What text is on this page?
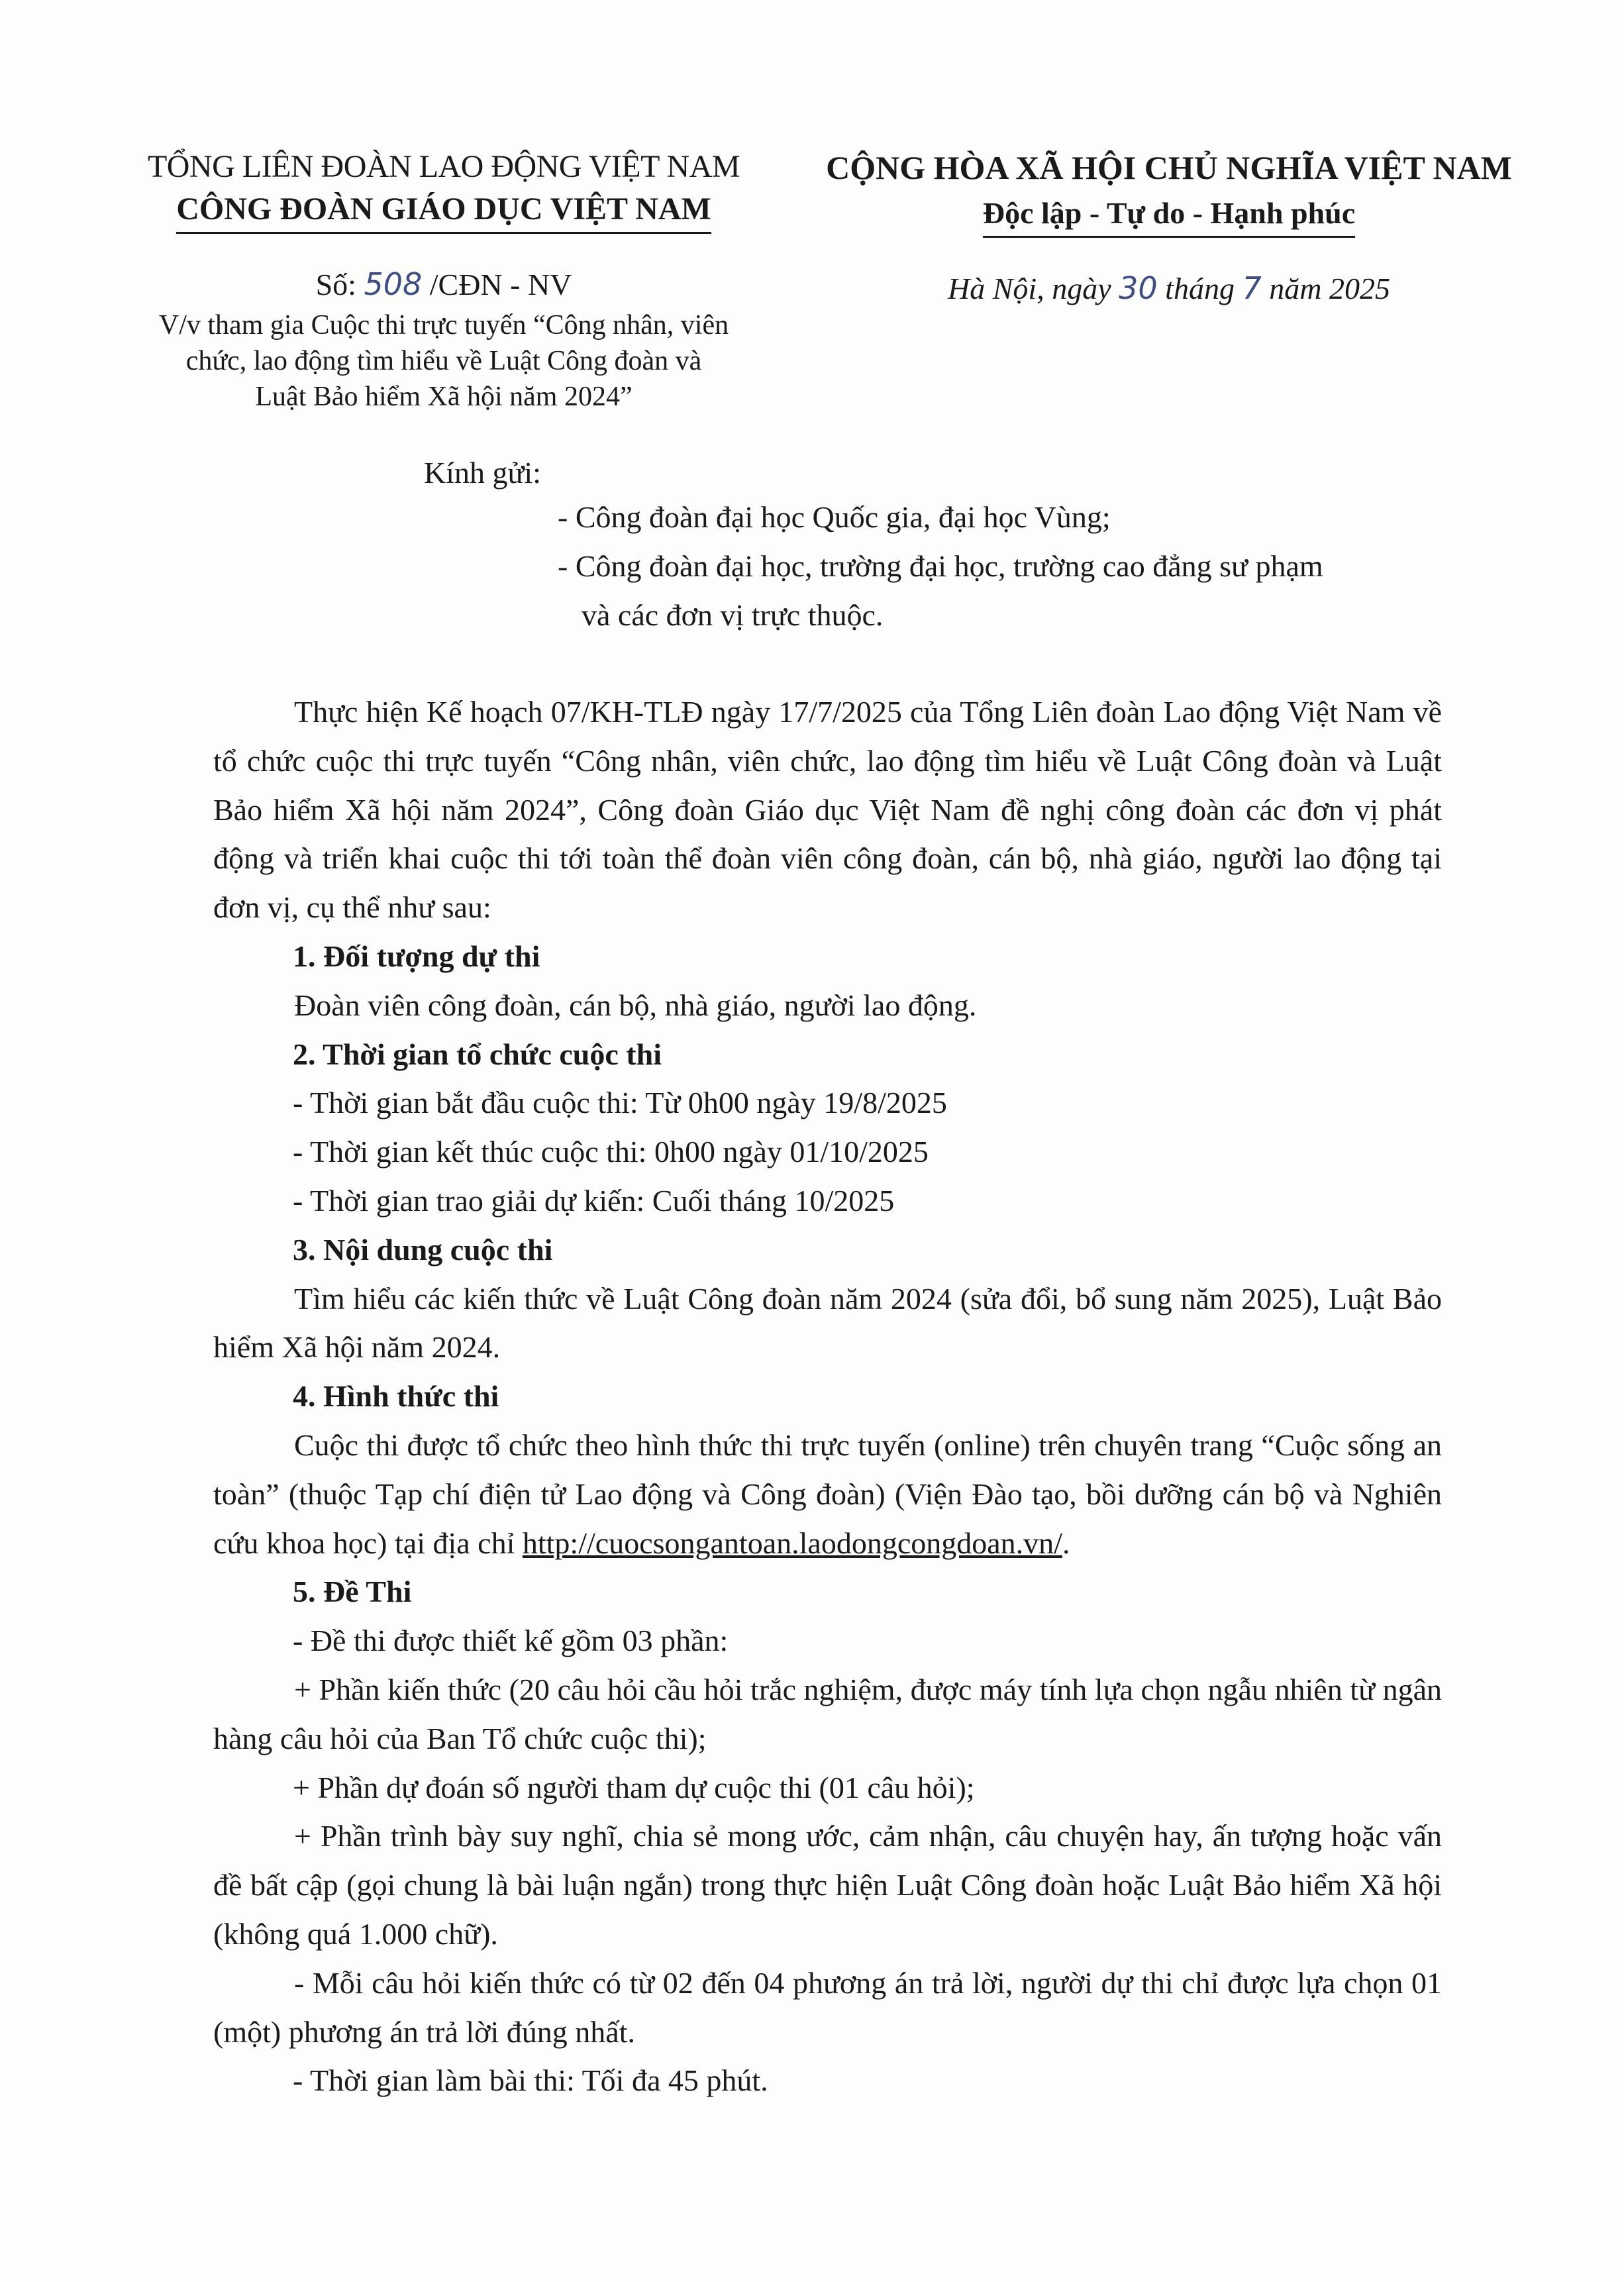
TỔNG LIÊN ĐOÀN LAO ĐỘNG VIỆT NAM
CÔNG ĐOÀN GIÁO DỤC VIỆT NAM
Số: 508 /CĐN - NV
V/v tham gia Cuộc thi trực tuyến “Công nhân, viên
chức, lao động tìm hiểu về Luật Công đoàn và
Luật Bảo hiểm Xã hội năm 2024”
CỘNG HÒA XÃ HỘI CHỦ NGHĨA VIỆT NAM
Độc lập - Tự do - Hạnh phúc
Hà Nội, ngày 30 tháng 7 năm 2025
Kính gửi:
- Công đoàn đại học Quốc gia, đại học Vùng;
- Công đoàn đại học, trường đại học, trường cao đẳng sư phạm
và các đơn vị trực thuộc.

Thực hiện Kế hoạch 07/KH-TLĐ ngày 17/7/2025 của Tổng Liên đoàn Lao động Việt Nam về tổ chức cuộc thi trực tuyến “Công nhân, viên chức, lao động tìm hiểu về Luật Công đoàn và Luật Bảo hiểm Xã hội năm 2024”, Công đoàn Giáo dục Việt Nam đề nghị công đoàn các đơn vị phát động và triển khai cuộc thi tới toàn thể đoàn viên công đoàn, cán bộ, nhà giáo, người lao động tại đơn vị, cụ thể như sau:

1. Đối tượng dự thi

Đoàn viên công đoàn, cán bộ, nhà giáo, người lao động.

2. Thời gian tổ chức cuộc thi

- Thời gian bắt đầu cuộc thi: Từ 0h00 ngày 19/8/2025

- Thời gian kết thúc cuộc thi: 0h00 ngày 01/10/2025

- Thời gian trao giải dự kiến: Cuối tháng 10/2025

3. Nội dung cuộc thi

Tìm hiểu các kiến thức về Luật Công đoàn năm 2024 (sửa đổi, bổ sung năm 2025), Luật Bảo hiểm Xã hội năm 2024.

4. Hình thức thi

Cuộc thi được tổ chức theo hình thức thi trực tuyến (online) trên chuyên trang “Cuộc sống an toàn” (thuộc Tạp chí điện tử Lao động và Công đoàn) (Viện Đào tạo, bồi dưỡng cán bộ và Nghiên cứu khoa học) tại địa chỉ http://cuocsongantoan.laodongcongdoan.vn/.

5. Đề Thi

- Đề thi được thiết kế gồm 03 phần:

+ Phần kiến thức (20 câu hỏi cầu hỏi trắc nghiệm, được máy tính lựa chọn ngẫu nhiên từ ngân hàng câu hỏi của Ban Tổ chức cuộc thi);

+ Phần dự đoán số người tham dự cuộc thi (01 câu hỏi);

+ Phần trình bày suy nghĩ, chia sẻ mong ước, cảm nhận, câu chuyện hay, ấn tượng hoặc vấn đề bất cập (gọi chung là bài luận ngắn) trong thực hiện Luật Công đoàn hoặc Luật Bảo hiểm Xã hội (không quá 1.000 chữ).

- Mỗi câu hỏi kiến thức có từ 02 đến 04 phương án trả lời, người dự thi chỉ được lựa chọn 01 (một) phương án trả lời đúng nhất.

- Thời gian làm bài thi: Tối đa 45 phút.
